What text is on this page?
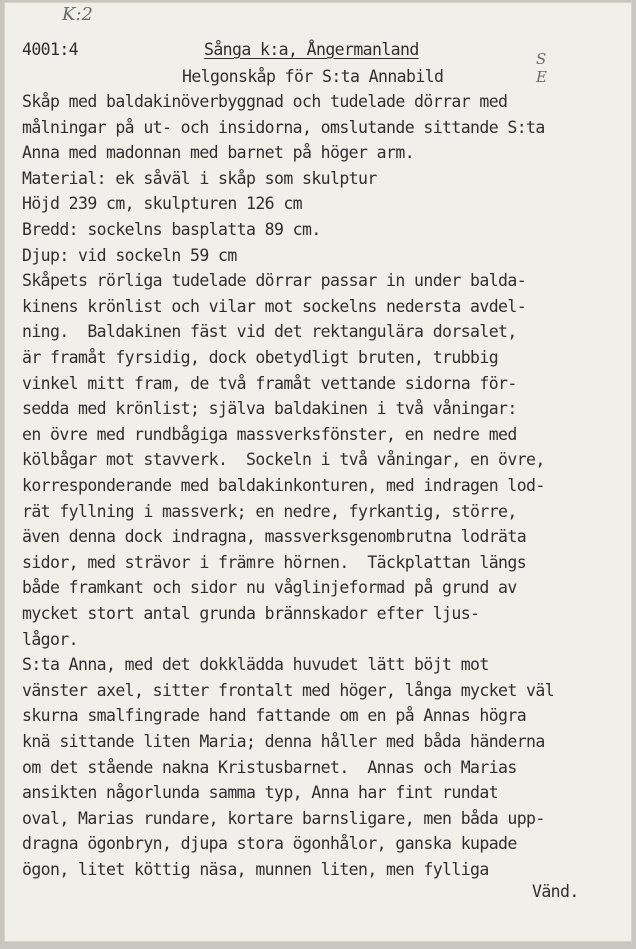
K:2
S E
4001:4	Sånga k:a, Ångermanland
Helgonskåp för S:ta Annabild
Skåp med baldakinöverbyggnad och tudelade dörrar med
målningar på ut- och insidorna, omslutande sittande S:ta
Anna med madonnan med barnet på höger arm.
Material: ek såväl i skåp som skulptur
Höjd 239 cm, skulpturen 126 cm
Bredd: sockelns basplatta 89 cm.
Djup: vid sockeln 59 cm
Skåpets rörliga tudelade dörrar passar in under balda-
kinens krönlist och vilar mot sockelns nedersta avdel-
ning.  Baldakinen fäst vid det rektangulära dorsalet,
är framåt fyrsidig, dock obetydligt bruten, trubbig
vinkel mitt fram, de två framåt vettande sidorna för-
sedda med krönlist; själva baldakinen i två våningar:
en övre med rundbågiga massverksfönster, en nedre med
kölbågar mot stavverk.  Sockeln i två våningar, en övre,
korresponderande med baldakinkonturen, med indragen lod-
rät fyllning i massverk; en nedre, fyrkantig, större,
även denna dock indragna, massverksgenombrutna lodräta
sidor, med strävor i främre hörnen.  Täckplattan längs
både framkant och sidor nu våglinjeformad på grund av
mycket stort antal grunda brännskador efter ljus-
lågor.
S:ta Anna, med det dokklädda huvudet lätt böjt mot
vänster axel, sitter frontalt med höger, långa mycket väl
skurna smalfingrade hand fattande om en på Annas högra
knä sittande liten Maria; denna håller med båda händerna
om det stående nakna Kristusbarnet.  Annas och Marias
ansikten någorlunda samma typ, Anna har fint rundat
oval, Marias rundare, kortare barnsligare, men båda upp-
dragna ögonbryn, djupa stora ögonhålor, ganska kupade
ögon, litet köttig näsa, munnen liten, men fylliga
Vänd.
